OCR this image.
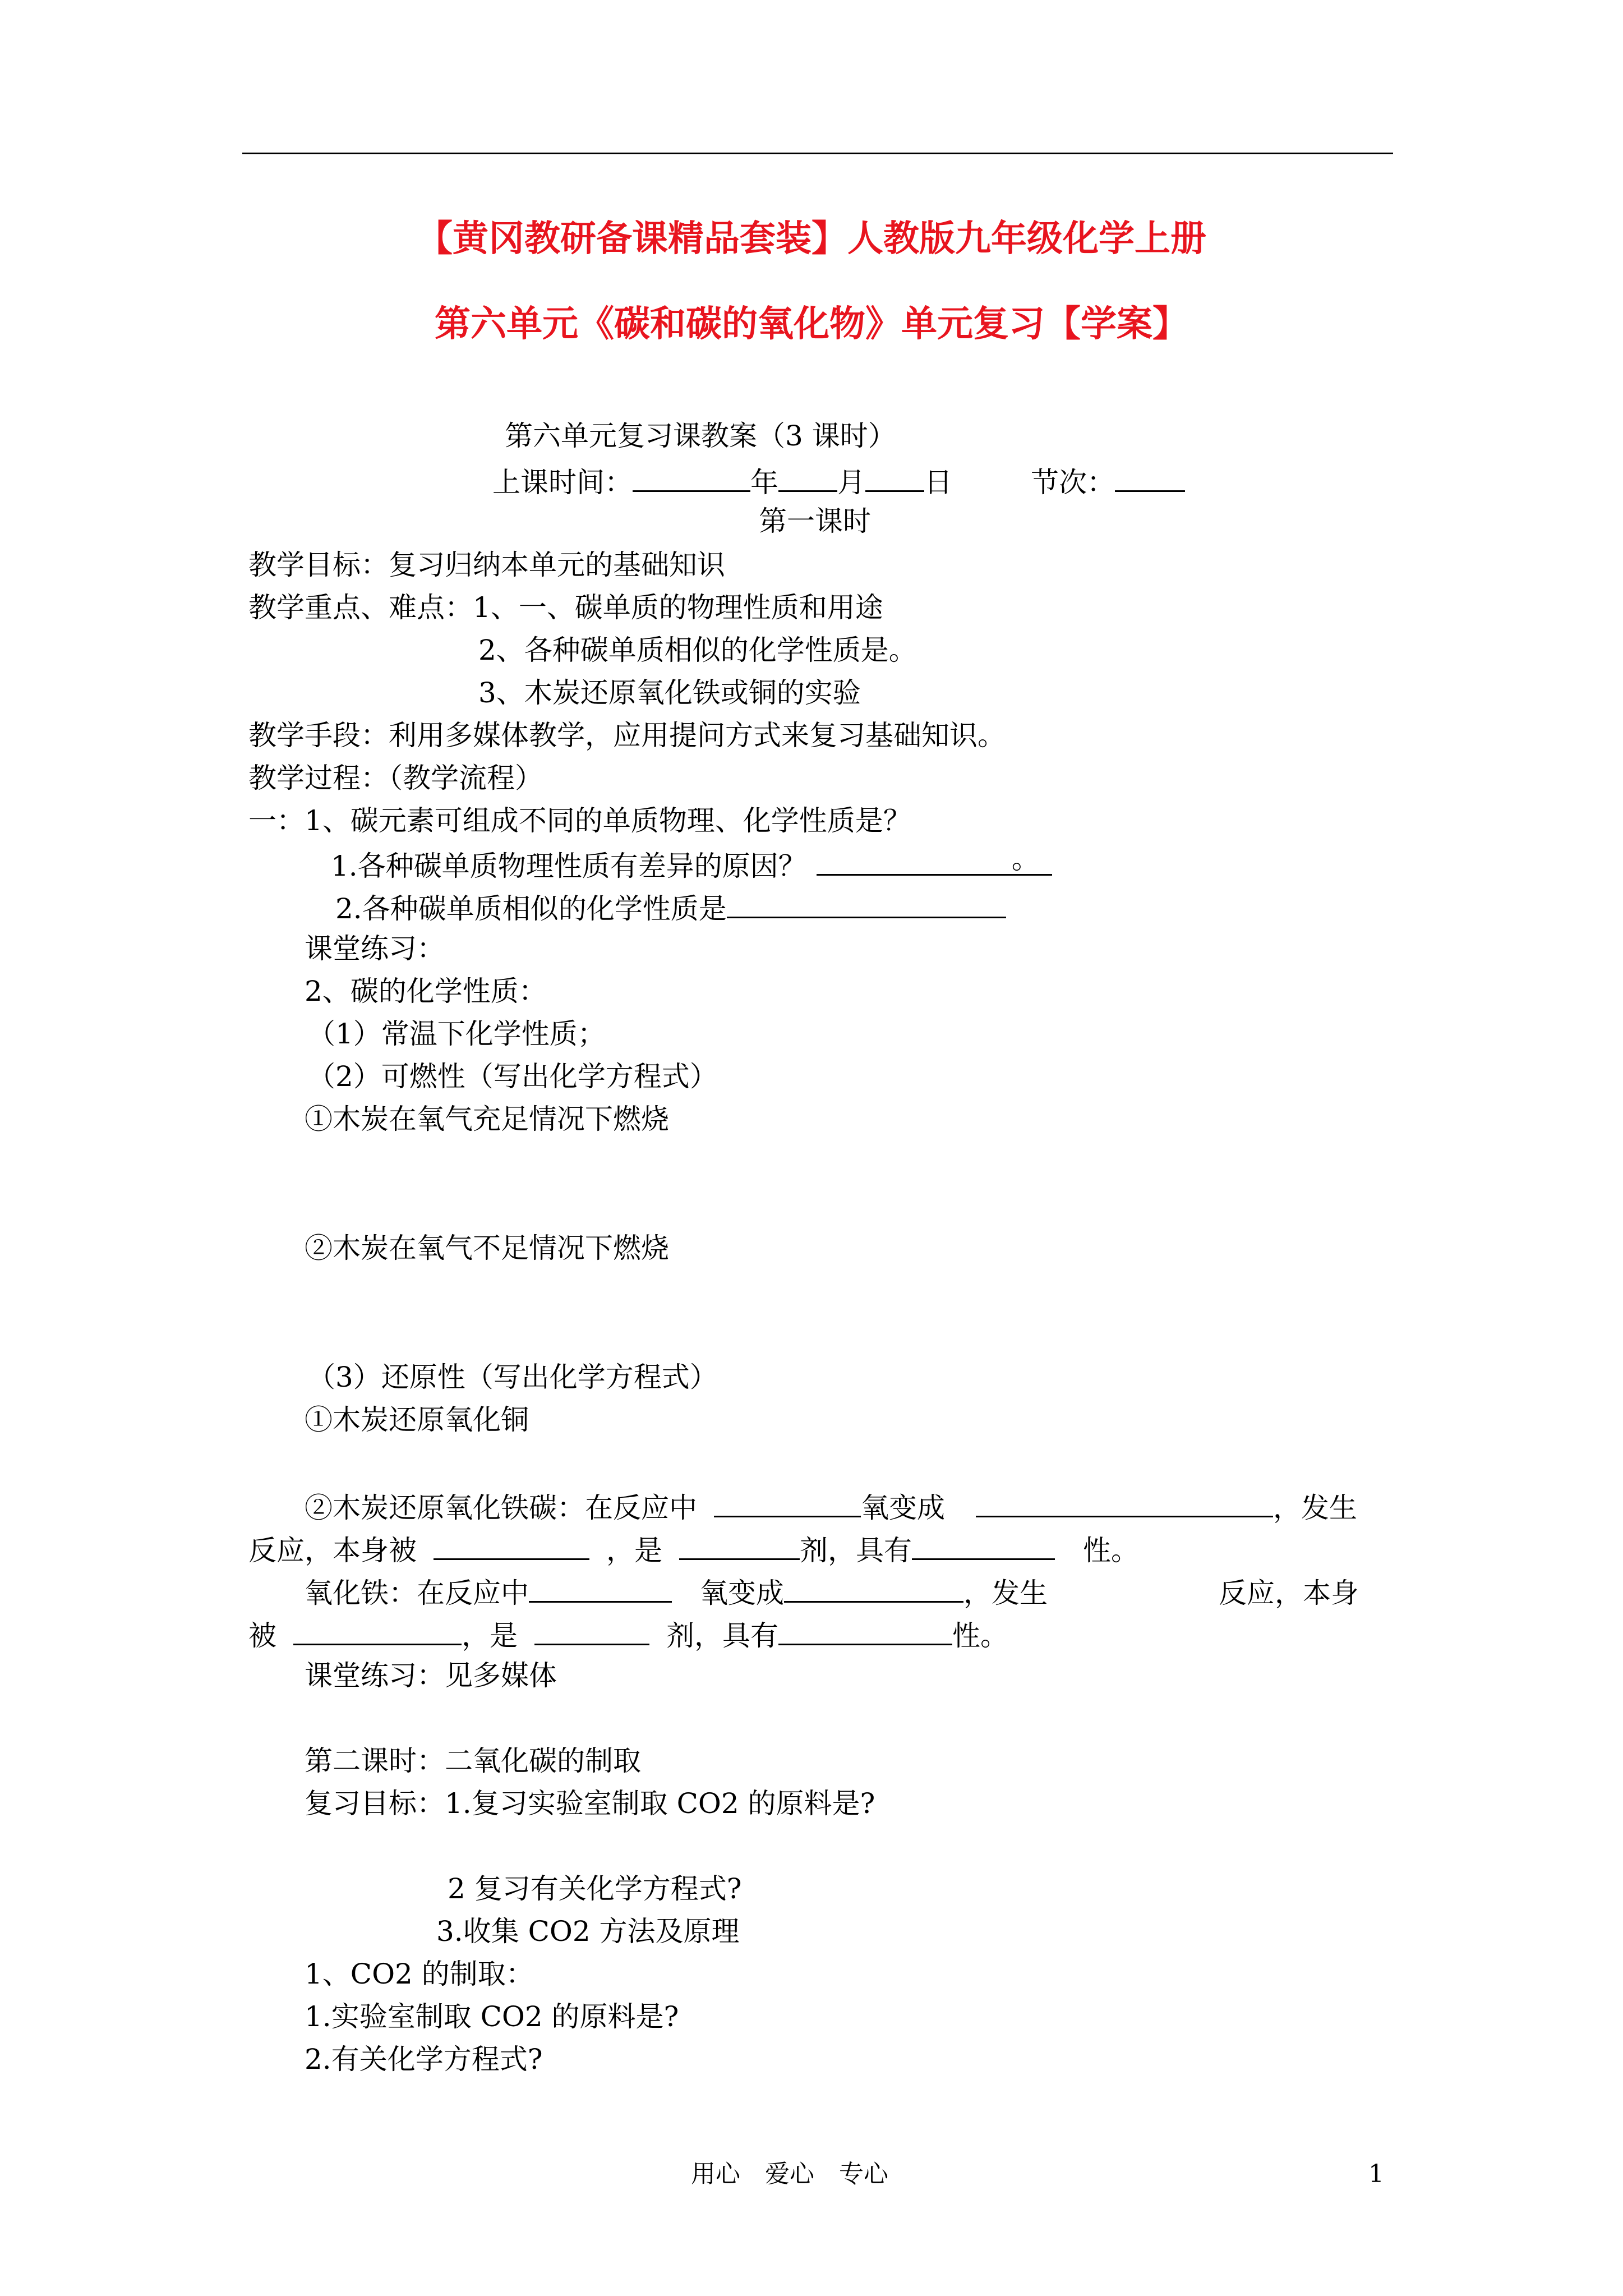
【黄冈教研备课精品套装】人教版九年级化学上册
第六单元《碳和碳的氧化物》单元复习【学案】
第六单元复习课教案（3 课时）
上课时间：	年 月 日	节次：
第一课时
教学目标：复习归纳本单元的基础知识
教学重点、难点：1、一、碳单质的物理性质和用途
2、各种碳单质相似的化学性质是。
3、木炭还原氧化铁或铜的实验
教学手段：利用多媒体教学，应用提问方式来复习基础知识。
教学过程：（教学流程）
一：1、碳元素可组成不同的单质物理、化学性质是？
1.各种碳单质物理性质有差异的原因？	。
2.各种碳单质相似的化学性质是
课堂练习：
2、碳的化学性质：
（1）常温下化学性质；
（2）可燃性（写出化学方程式）
①木炭在氧气充足情况下燃烧
②木炭在氧气不足情况下燃烧
（3）还原性（写出化学方程式）
①木炭还原氧化铜
②木炭还原氧化铁碳：在反应中	氧变成	，发生
反应，本身被	，是	剂，具有	性。
氧化铁：在反应中	氧变成	，发生	反应，本身
被	，是	剂，具有	性。
课堂练习：见多媒体
第二课时：二氧化碳的制取
复习目标：1.复习实验室制取 CO2 的原料是?
2 复习有关化学方程式?
3.收集 CO2 方法及原理
1、CO2 的制取：
1.实验室制取 CO2 的原料是?
2.有关化学方程式?
用心　爱心　专心	1
